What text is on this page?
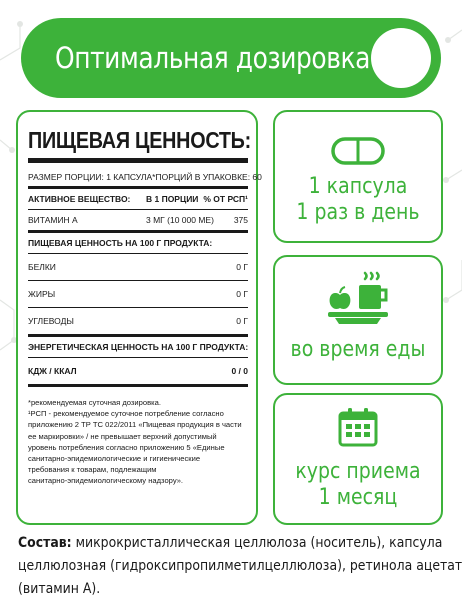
Оптимальная дозировка
ПИЩЕВАЯ ЦЕННОСТЬ:
РАЗМЕР ПОРЦИИ: 1 КАПСУЛА* ПОРЦИЙ В УПАКОВКЕ: 60
АКТИВНОЕ ВЕЩЕСТВО: В 1 ПОРЦИИ % ОТ РСП¹
ВИТАМИН А	3 МГ (10 000 МЕ) 375
ПИЩЕВАЯ ЦЕННОСТЬ НА 100 Г ПРОДУКТА:
БЕЛКИ	0 Г
ЖИРЫ	0 Г
УГЛЕВОДЫ	0 Г
ЭНЕРГЕТИЧЕСКАЯ ЦЕННОСТЬ НА 100 Г ПРОДУКТА:
КДЖ / ККАЛ	0 / 0
*рекомендуемая суточная дозировка.
¹РСП - рекомендуемое суточное потребление согласно
приложению 2 ТР ТС 022/2011 «Пищевая продукция в части
ее маркировки» / не превышает верхний допустимый
уровень потребления согласно приложению 5 «Единые
санитарно-эпидемиологические и гигиенические
требования к товарам, подлежащим
санитарно-эпидемиологическому надзору».
1 капсула
1 раз в день
во время еды
курс приема
1 месяц
Состав: микрокристаллическая целлюлоза (носитель), капсула
целлюлозная (гидроксипропилметилцеллюлоза), ретинола ацетат
(витамин А).
